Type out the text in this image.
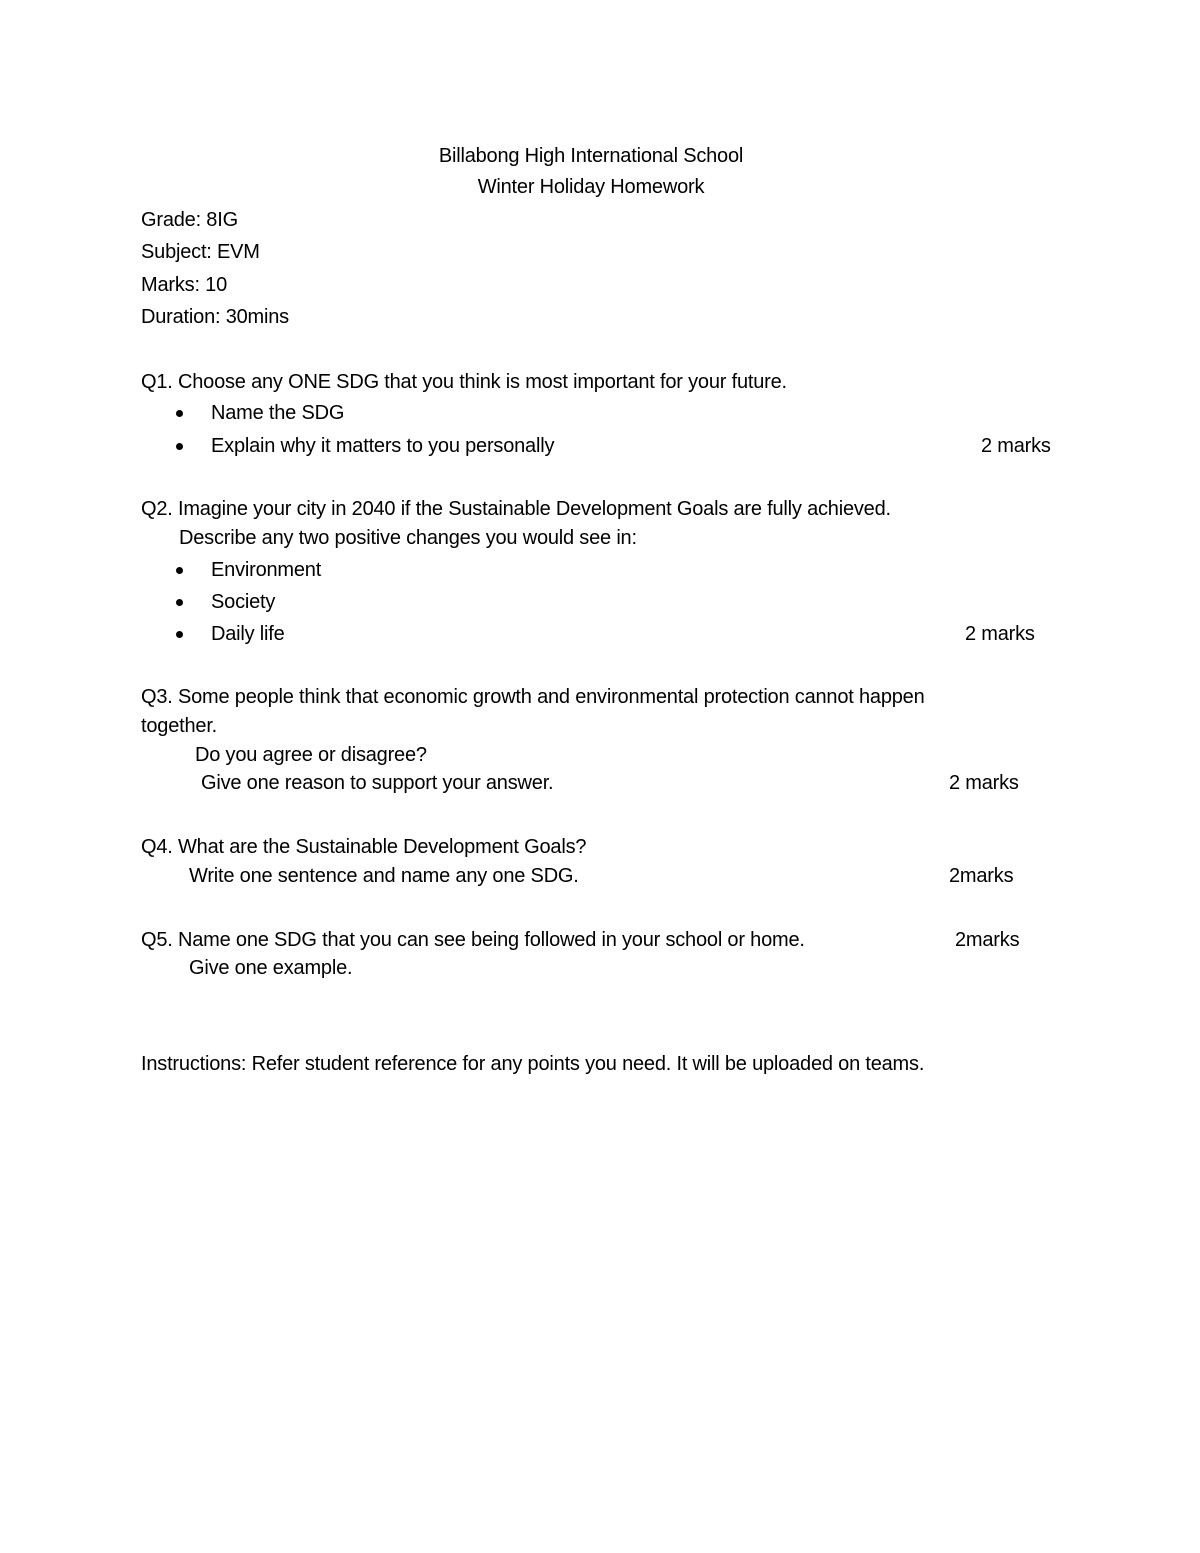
Billabong High International School
Winter Holiday Homework
Grade: 8IG
Subject: EVM
Marks: 10
Duration: 30mins
Q1. Choose any ONE SDG that you think is most important for your future.
Name the SDG
Explain why it matters to you personally	2 marks
Q2. Imagine your city in 2040 if the Sustainable Development Goals are fully achieved.
Describe any two positive changes you would see in:
Environment
Society
Daily life	2 marks
Q3. Some people think that economic growth and environmental protection cannot happen
together.
Do you agree or disagree?
Give one reason to support your answer.	2 marks
Q4. What are the Sustainable Development Goals?
Write one sentence and name any one SDG.	2marks
Q5. Name one SDG that you can see being followed in your school or home.	2marks
Give one example.
Instructions: Refer student reference for any points you need. It will be uploaded on teams.
